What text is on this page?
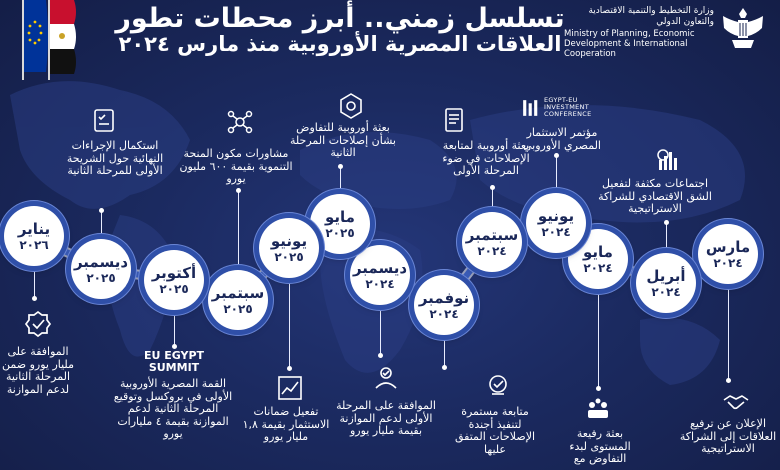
تسلسل زمني.. أبرز محطات تطور
العلاقات المصرية الأوروبية منذ مارس ٢٠٢٤
وزارة التخطيط والتنمية الاقتصادية والتعاون الدولي
Ministry of Planning, Economic Development & International Cooperation
مارس
٢٠٢٤
أبريل
٢٠٢٤
مايو
٢٠٢٤
يونيو
٢٠٢٤
سبتمبر
٢٠٢٤
نوفمبر
٢٠٢٤
ديسمبر
٢٠٢٤
مايو
٢٠٢٥
يونيو
٢٠٢٥
سبتمبر
٢٠٢٥
أكتوبر
٢٠٢٥
ديسمبر
٢٠٢٥
يناير
٢٠٢٦
EGYPT-EU INVESTMENT CONFERENCE
EU EGYPT SUMMIT
الإعلان عن ترفيع العلاقات إلى الشراكة الاستراتيجية
اجتماعات مكثفة لتفعيل الشق الاقتصادي للشراكة الاستراتيجية
بعثة رفيعة المستوى لبدء التفاوض مع
مؤتمر الاستثمار المصري الأوروبي
بعثة أوروبية لمتابعة الإصلاحات في ضوء المرحلة الأولى
متابعة مستمرة لتنفيذ أجندة الإصلاحات المتفق عليها
الموافقة على المرحلة الأولى لدعم الموازنة بقيمة مليار يورو
بعثة أوروبية للتفاوض بشأن إصلاحات المرحلة الثانية
تفعيل ضمانات الاستثمار بقيمة ١,٨ مليار يورو
مشاورات مكون المنحة التنموية بقيمة ٦٠٠ مليون يورو
القمة المصرية الأوروبية الأولى في بروكسل وتوقيع المرحلة الثانية لدعم الموازنة بقيمة ٤ مليارات يورو
استكمال الإجراءات النهائية حول الشريحة الأولى للمرحلة الثانية
الموافقة على مليار يورو ضمن المرحلة الثانية لدعم الموازنة
